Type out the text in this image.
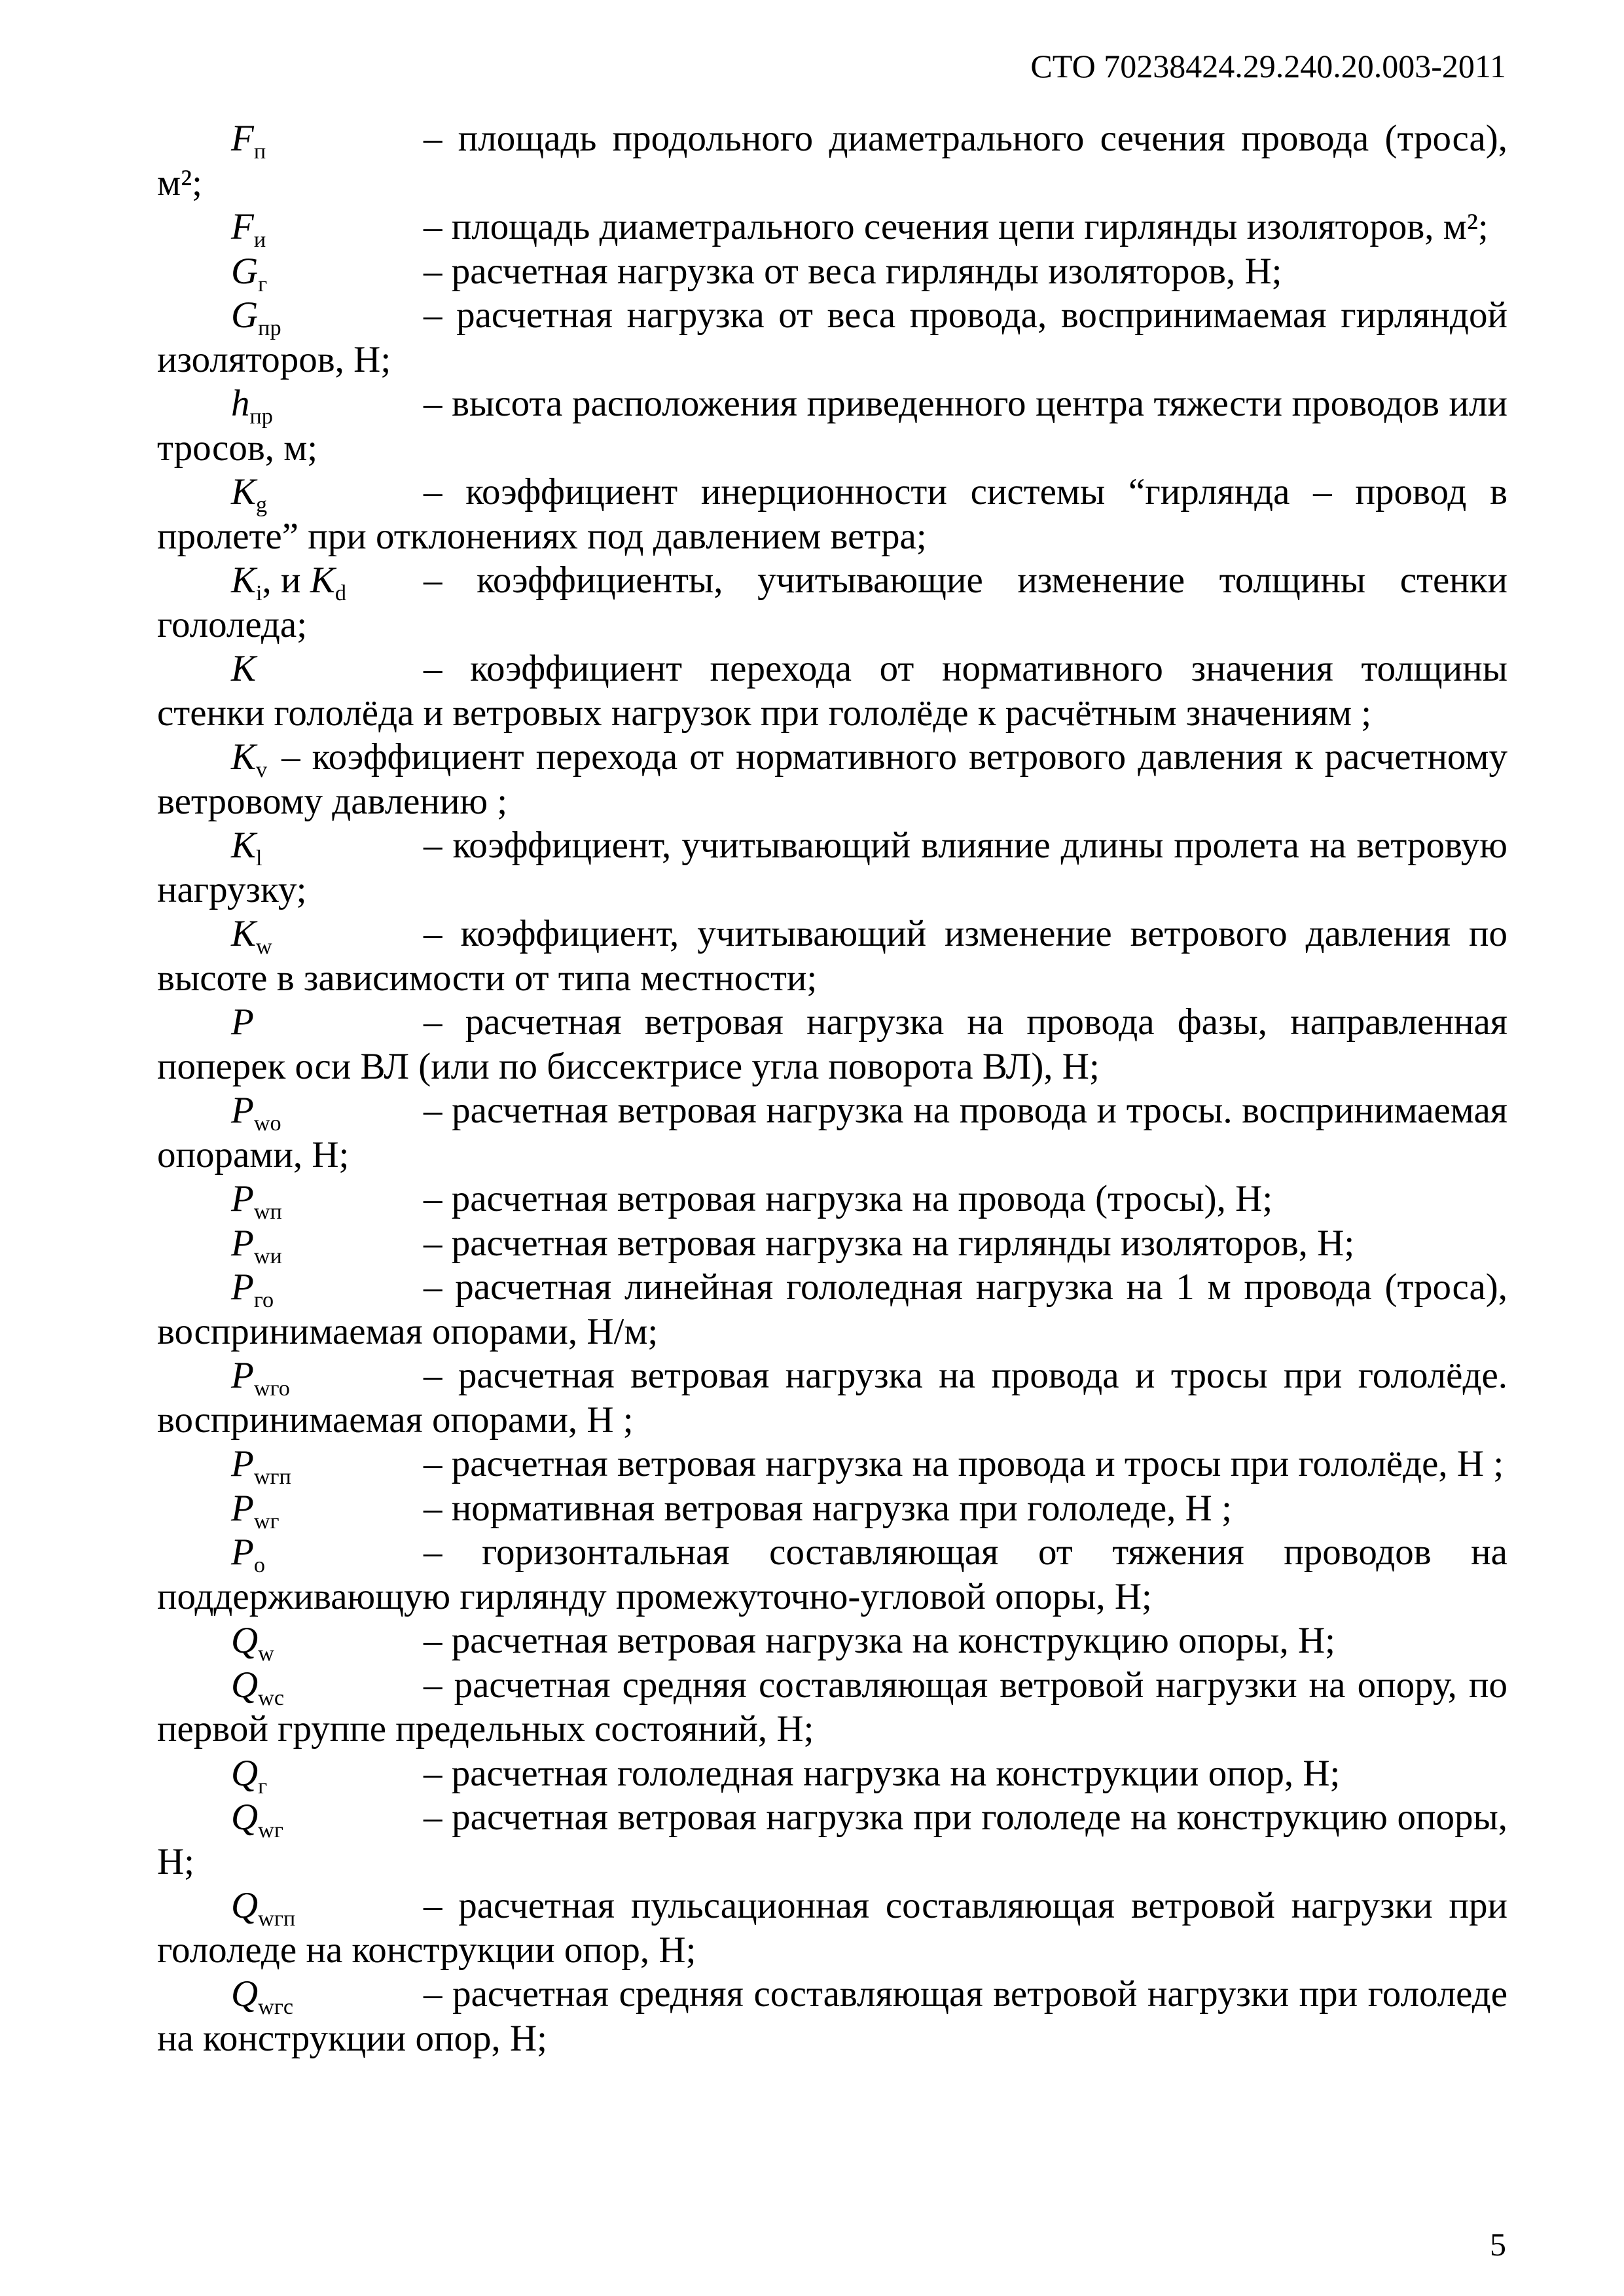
СТО 70238424.29.240.20.003-2011
$F_п$	– площадь продольного диаметрального сечения провода (троса), м²;
$F_и$	– площадь диаметрального сечения цепи гирлянды изоляторов, м²;
$G_г$	– расчетная нагрузка от веса гирлянды изоляторов, Н;
$G_{пр}$	– расчетная нагрузка от веса провода, воспринимаемая гирляндой изоляторов, Н;
$h_{пр}$	– высота расположения приведенного центра тяжести проводов или тросов, м;
$K_g$	– коэффициент инерционности системы “гирлянда – провод в пролете” при отклонениях под давлением ветра;
$K_i$, и $K_d$ – коэффициенты, учитывающие изменение толщины стенки гололеда;
K	– коэффициент перехода от нормативного значения толщины стенки гололёда и ветровых нагрузок при гололёде к расчётным значениям ;
$K_v$ – коэффициент перехода от нормативного ветрового давления к расчетному ветровому давлению ;
$K_l$	– коэффициент, учитывающий влияние длины пролета на ветровую нагрузку;
$K_w$	– коэффициент, учитывающий изменение ветрового давления по высоте в зависимости от типа местности;
P	– расчетная ветровая нагрузка на провода фазы, направленная поперек оси ВЛ (или по биссектрисе угла поворота ВЛ), Н;
$P_{wo}$	– расчетная ветровая нагрузка на провода и тросы. воспринимаемая опорами, Н;
$P_{wп}$	– расчетная ветровая нагрузка на провода (тросы), Н;
$P_{wи}$	– расчетная ветровая нагрузка на гирлянды изоляторов, Н;
$P_{го}$	– расчетная линейная гололедная нагрузка на 1 м провода (троса), воспринимаемая опорами, Н/м;
$P_{wго}$	– расчетная ветровая нагрузка на провода и тросы при гололёде. воспринимаемая опорами, Н ;
$P_{wгп}$	– расчетная ветровая нагрузка на провода и тросы при гололёде, Н ;
$P_{wг}$	– нормативная ветровая нагрузка при гололеде, Н ;
$P_o$	– горизонтальная составляющая от тяжения проводов на поддерживающую гирлянду промежуточно-угловой опоры, Н;
$Q_w$	– расчетная ветровая нагрузка на конструкцию опоры, Н;
$Q_{wc}$	– расчетная средняя составляющая ветровой нагрузки на опору, по первой группе предельных состояний, Н;
$Q_г$	– расчетная гололедная нагрузка на конструкции опор, Н;
$Q_{wг}$	– расчетная ветровая нагрузка при гололеде на конструкцию опоры, Н;
$Q_{wгп}$	– расчетная пульсационная составляющая ветровой нагрузки при гололеде на конструкции опор, Н;
$Q_{wгс}$	– расчетная средняя составляющая ветровой нагрузки при гололеде на конструкции опор, Н;
5
